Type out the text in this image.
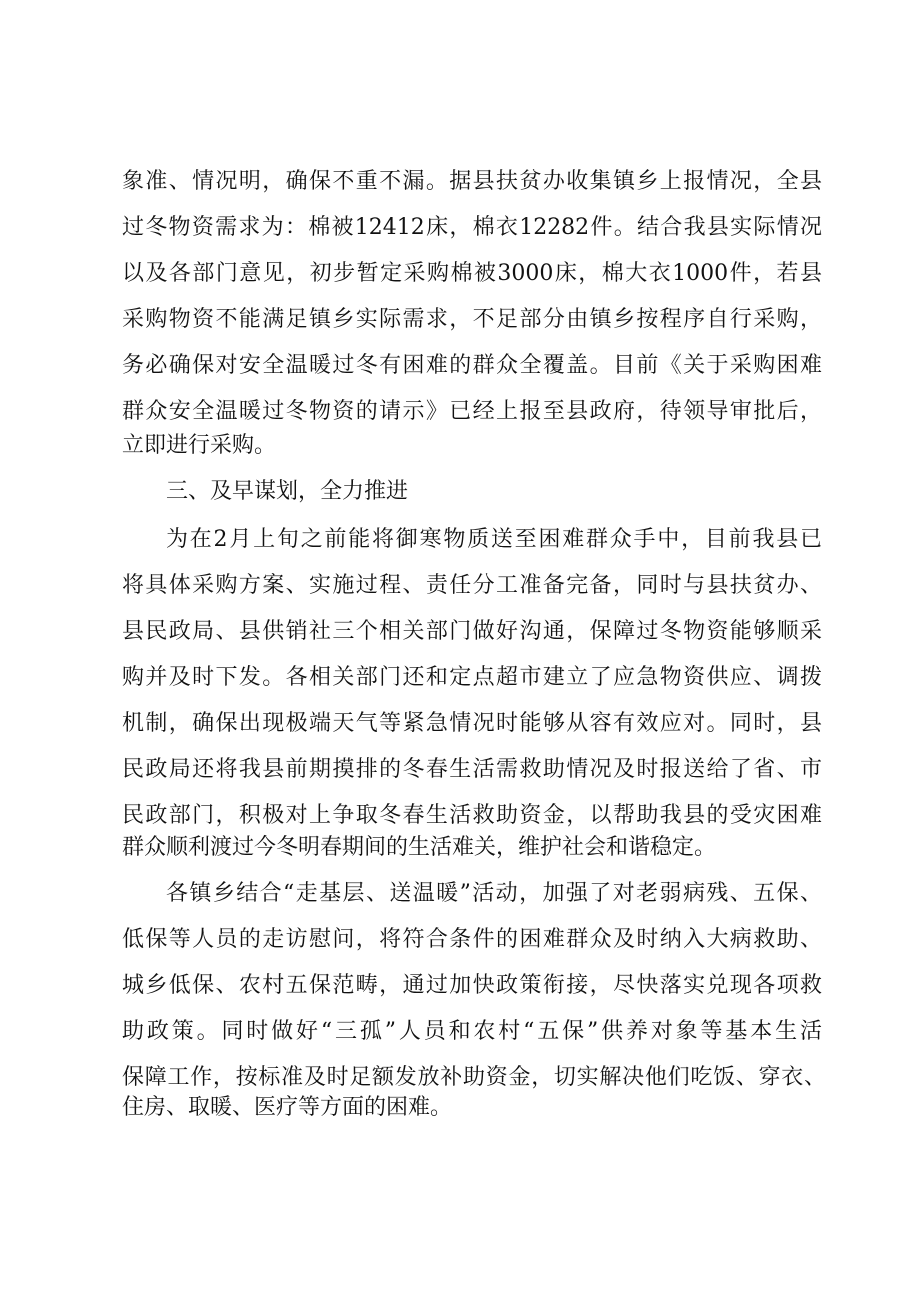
象准、情况明，确保不重不漏。据县扶贫办收集镇乡上报情况，全县
过冬物资需求为：棉被12412床，棉衣12282件。结合我县实际情况
以及各部门意见，初步暂定采购棉被3000床，棉大衣1000件，若县
采购物资不能满足镇乡实际需求，不足部分由镇乡按程序自行采购，
务必确保对安全温暖过冬有困难的群众全覆盖。目前《关于采购困难
群众安全温暖过冬物资的请示》已经上报至县政府，待领导审批后，
立即进行采购。
三、及早谋划，全力推进
为在2月上旬之前能将御寒物质送至困难群众手中，目前我县已
将具体采购方案、实施过程、责任分工准备完备，同时与县扶贫办、
县民政局、县供销社三个相关部门做好沟通，保障过冬物资能够顺采
购并及时下发。各相关部门还和定点超市建立了应急物资供应、调拨
机制，确保出现极端天气等紧急情况时能够从容有效应对。同时，县
民政局还将我县前期摸排的冬春生活需救助情况及时报送给了省、市
民政部门，积极对上争取冬春生活救助资金，以帮助我县的受灾困难
群众顺利渡过今冬明春期间的生活难关，维护社会和谐稳定。
各镇乡结合“走基层、送温暖”活动，加强了对老弱病残、五保、
低保等人员的走访慰问，将符合条件的困难群众及时纳入大病救助、
城乡低保、农村五保范畴，通过加快政策衔接，尽快落实兑现各项救
助政策。同时做好“三孤”人员和农村“五保”供养对象等基本生活
保障工作，按标准及时足额发放补助资金，切实解决他们吃饭、穿衣、
住房、取暖、医疗等方面的困难。
